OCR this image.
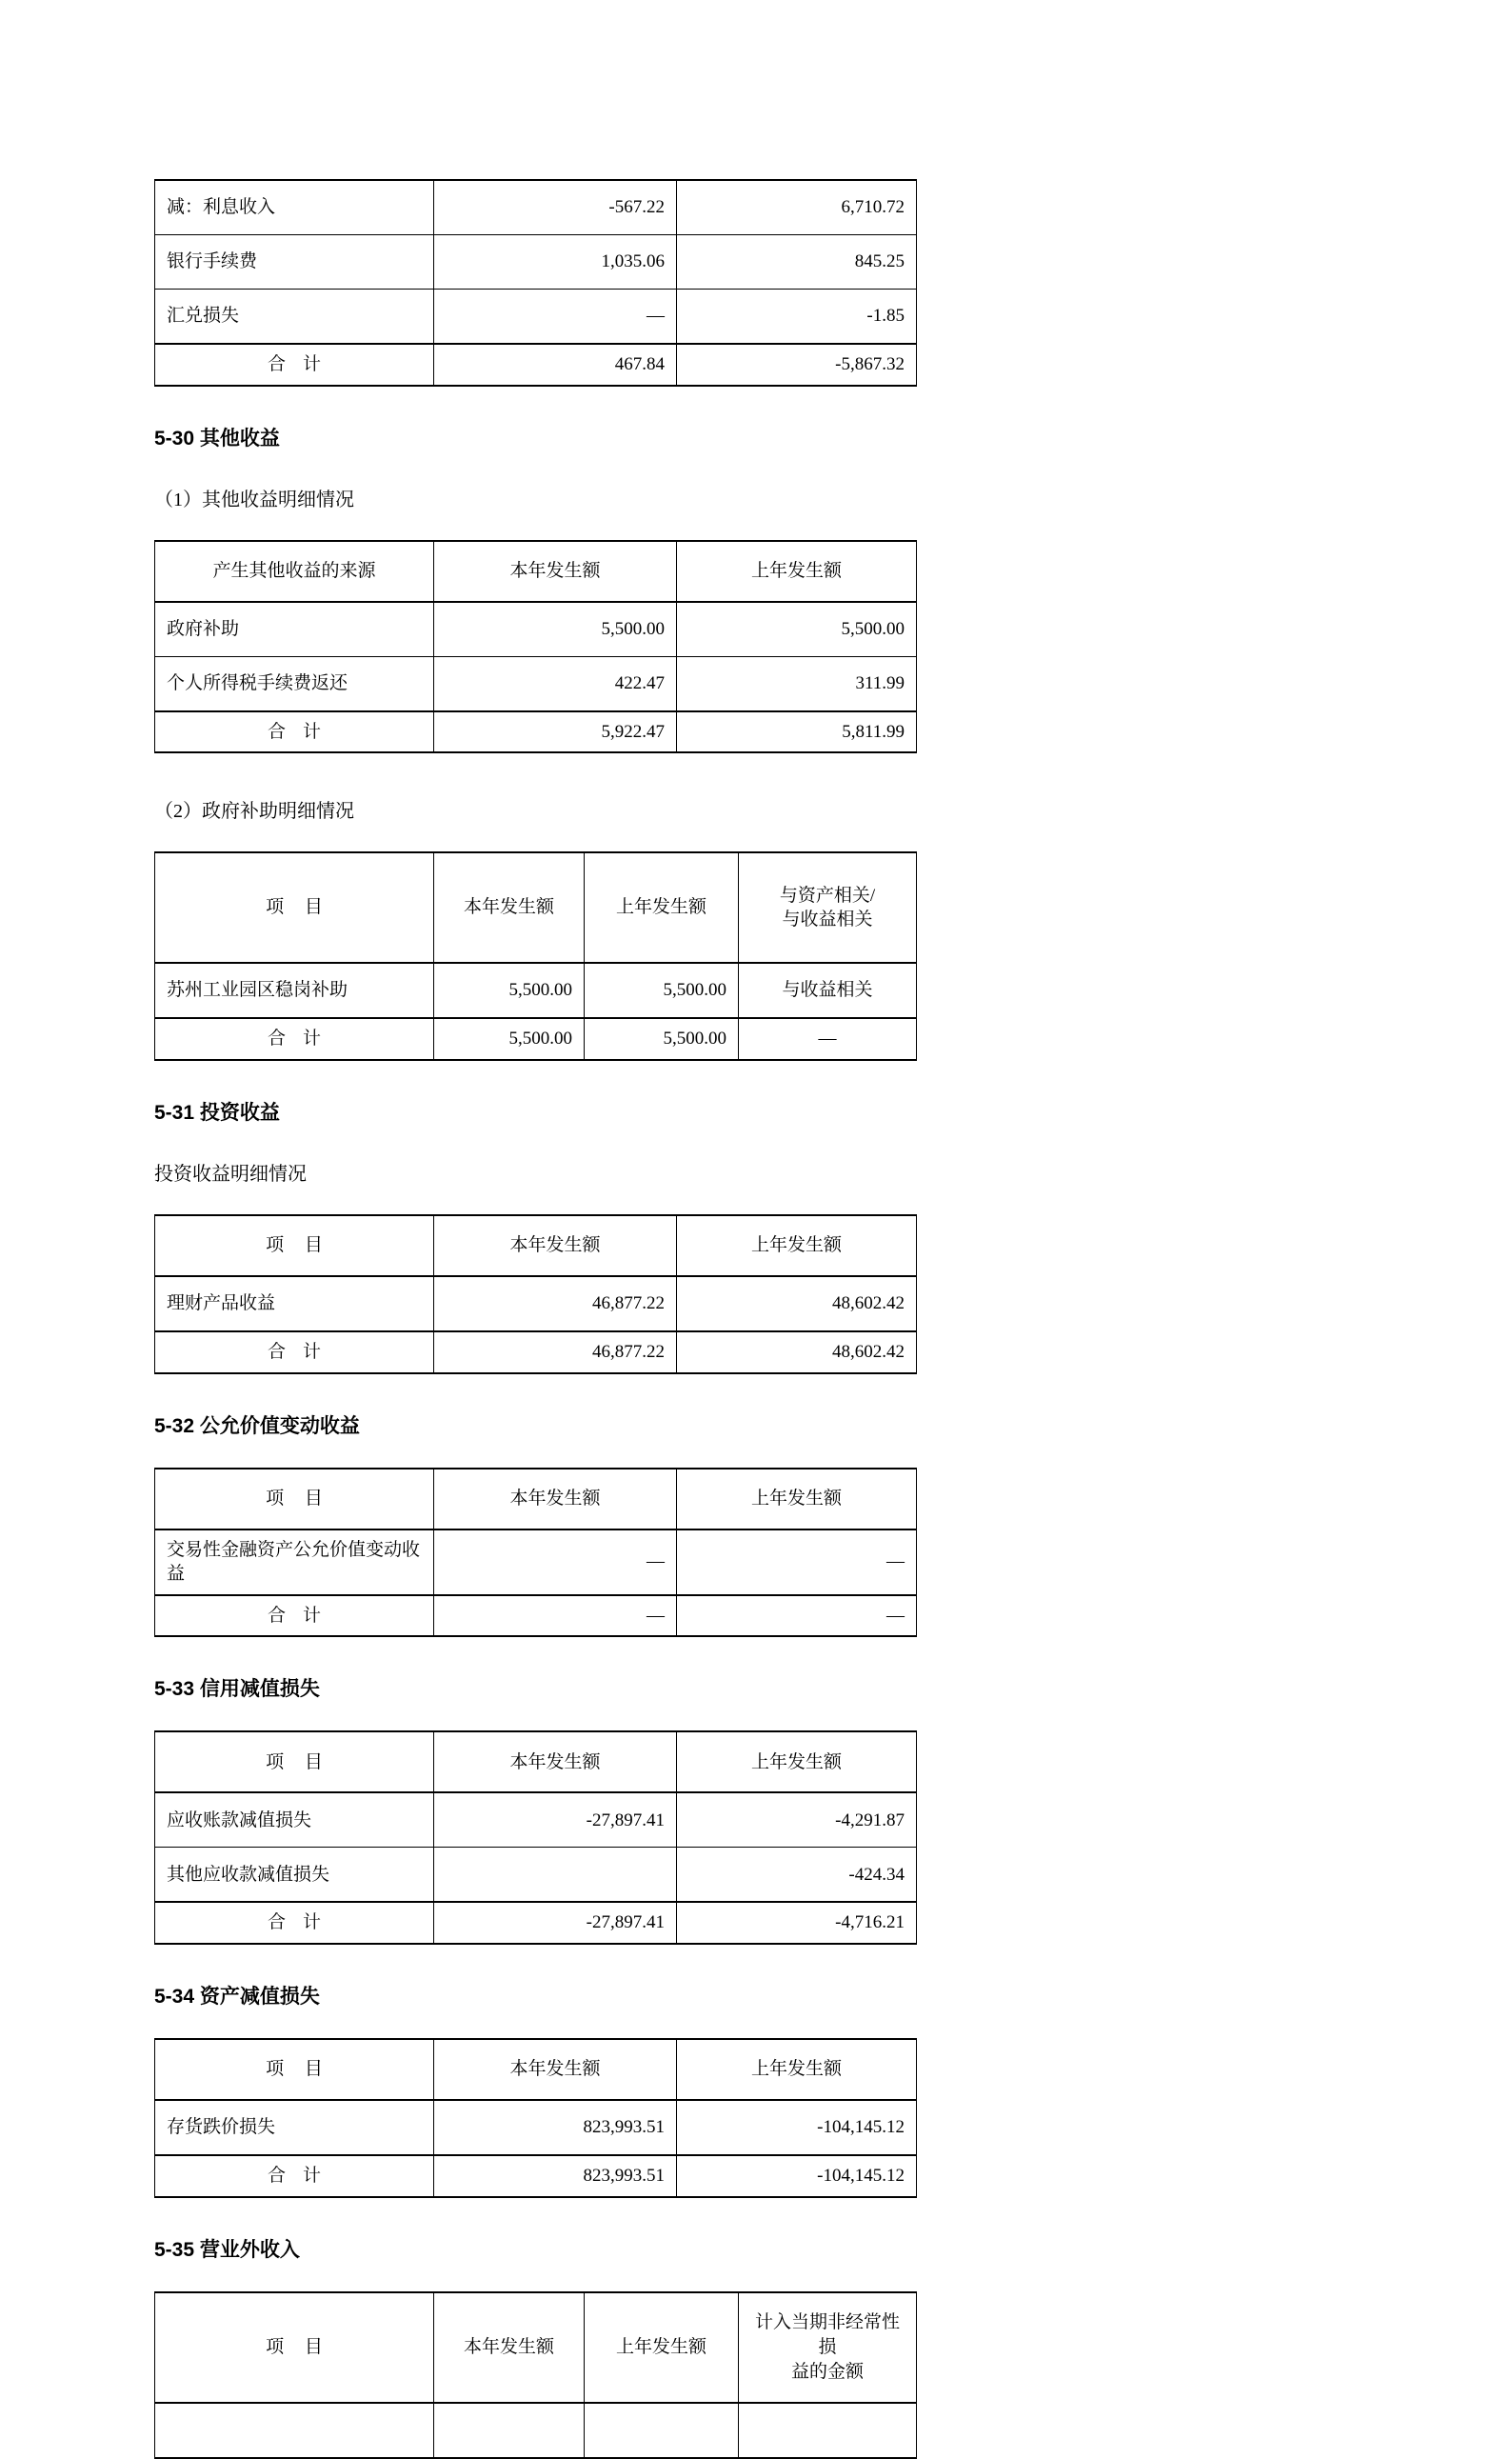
减：利息收入	-567.22	6,710.72
银行手续费	1,035.06	845.25
汇兑损失	—	-1.85
合 计	467.84	-5,867.32
5-30 其他收益

（1）其他收益明细情况

产生其他收益的来源	本年发生额	上年发生额
政府补助	5,500.00	5,500.00
个人所得税手续费返还	422.47	311.99
合 计	5,922.47	5,811.99

（2）政府补助明细情况

项 目	本年发生额	上年发生额	与资产相关/
与收益相关
苏州工业园区稳岗补助	5,500.00	5,500.00	与收益相关
合 计	5,500.00	5,500.00	—
5-31 投资收益

投资收益明细情况

项 目	本年发生额	上年发生额
理财产品收益	46,877.22	48,602.42
合 计	46,877.22	48,602.42
5-32 公允价值变动收益
项 目	本年发生额	上年发生额
交易性金融资产公允价值变动收益	—	—
合 计	—	—
5-33 信用减值损失
项 目	本年发生额	上年发生额
应收账款减值损失	-27,897.41	-4,291.87
其他应收款减值损失		-424.34
合 计	-27,897.41	-4,716.21
5-34 资产减值损失
项 目	本年发生额	上年发生额
存货跌价损失	823,993.51	-104,145.12
合 计	823,993.51	-104,145.12
5-35 营业外收入
项 目	本年发生额	上年发生额	计入当期非经常性损
益的金额
